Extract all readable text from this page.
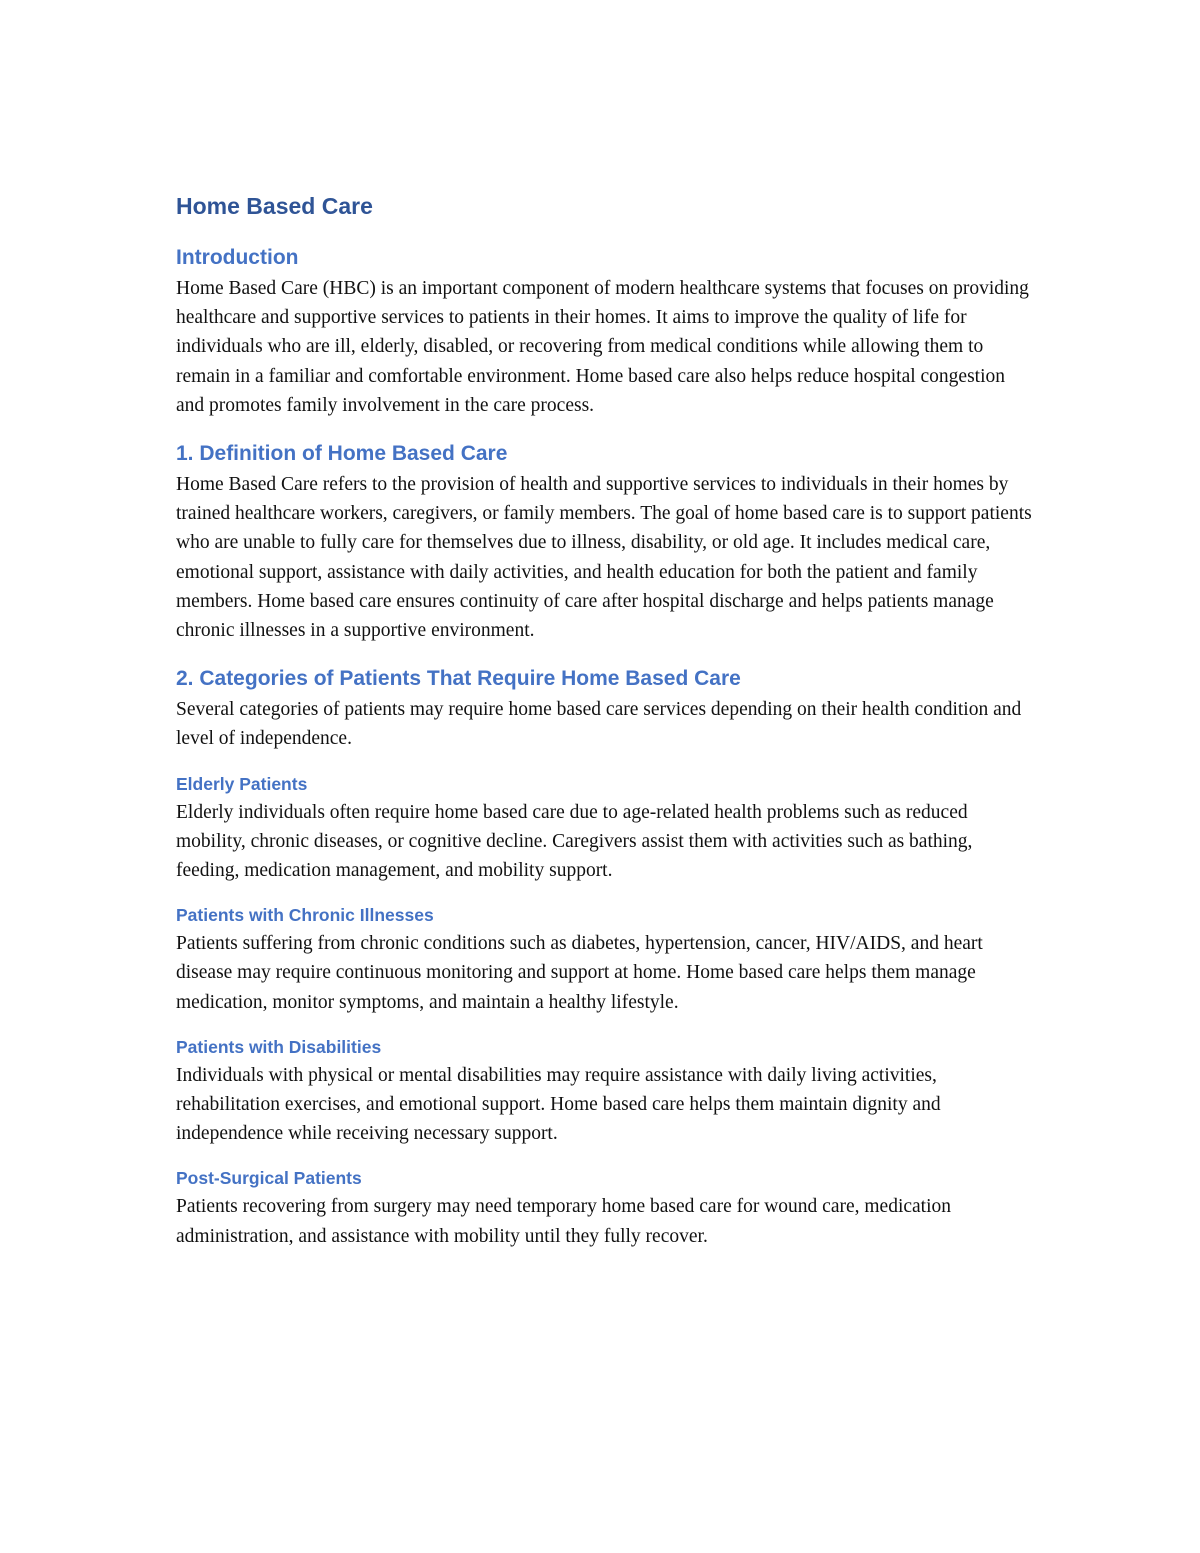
Home Based Care
Introduction

Home Based Care (HBC) is an important component of modern healthcare systems that focuses on providing healthcare and supportive services to patients in their homes. It aims to improve the quality of life for individuals who are ill, elderly, disabled, or recovering from medical conditions while allowing them to remain in a familiar and comfortable environment. Home based care also helps reduce hospital congestion and promotes family involvement in the care process.

1. Definition of Home Based Care

Home Based Care refers to the provision of health and supportive services to individuals in their homes by trained healthcare workers, caregivers, or family members. The goal of home based care is to support patients who are unable to fully care for themselves due to illness, disability, or old age. It includes medical care, emotional support, assistance with daily activities, and health education for both the patient and family members. Home based care ensures continuity of care after hospital discharge and helps patients manage chronic illnesses in a supportive environment.

2. Categories of Patients That Require Home Based Care

Several categories of patients may require home based care services depending on their health condition and level of independence.

Elderly Patients

Elderly individuals often require home based care due to age-related health problems such as reduced mobility, chronic diseases, or cognitive decline. Caregivers assist them with activities such as bathing, feeding, medication management, and mobility support.

Patients with Chronic Illnesses

Patients suffering from chronic conditions such as diabetes, hypertension, cancer, HIV/AIDS, and heart disease may require continuous monitoring and support at home. Home based care helps them manage medication, monitor symptoms, and maintain a healthy lifestyle.

Patients with Disabilities

Individuals with physical or mental disabilities may require assistance with daily living activities, rehabilitation exercises, and emotional support. Home based care helps them maintain dignity and independence while receiving necessary support.

Post-Surgical Patients

Patients recovering from surgery may need temporary home based care for wound care, medication administration, and assistance with mobility until they fully recover.
